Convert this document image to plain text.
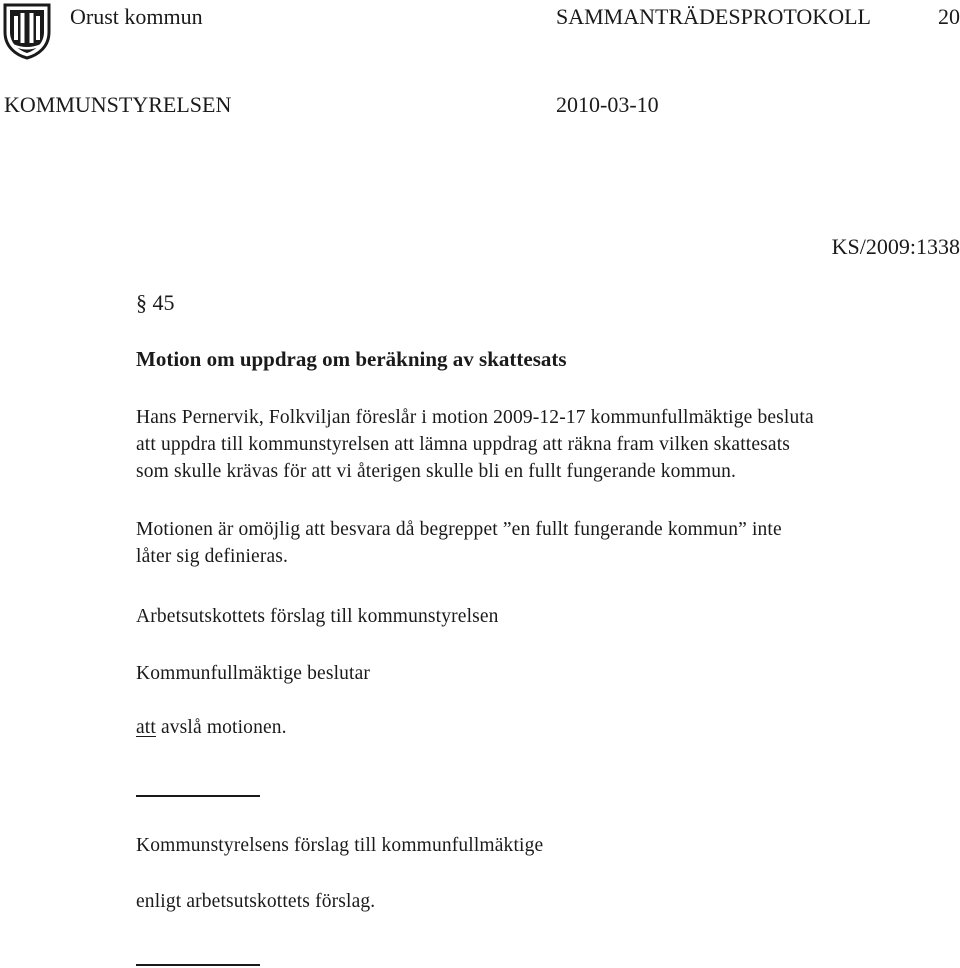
Orust kommun	SAMMANTRÄDESPROTOKOLL	20
KOMMUNSTYRELSEN	2010-03-10
KS/2009:1338
§ 45
Motion om uppdrag om beräkning av skattesats
Hans Pernervik, Folkviljan föreslår i motion 2009-12-17 kommunfullmäktige besluta
att uppdra till kommunstyrelsen att lämna uppdrag att räkna fram vilken skattesats
som skulle krävas för att vi återigen skulle bli en fullt fungerande kommun.
Motionen är omöjlig att besvara då begreppet ”en fullt fungerande kommun” inte
låter sig definieras.
Arbetsutskottets förslag till kommunstyrelsen
Kommunfullmäktige beslutar
att avslå motionen.
Kommunstyrelsens förslag till kommunfullmäktige
enligt arbetsutskottets förslag.
